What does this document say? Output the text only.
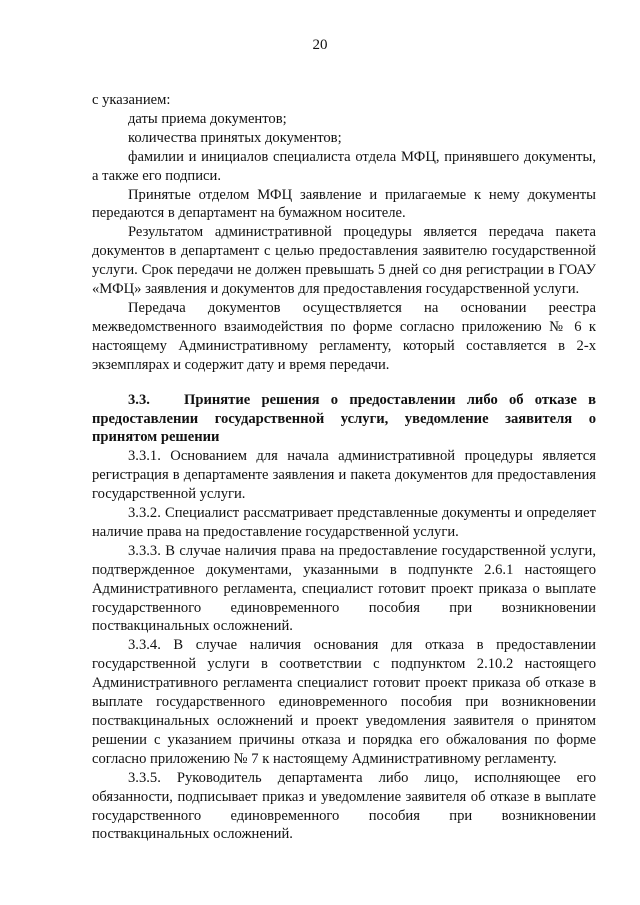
20

с указанием:

даты приема документов;

количества принятых документов;

фамилии и инициалов специалиста отдела МФЦ, принявшего документы, а также его подписи.

Принятые отделом МФЦ заявление и прилагаемые к нему документы передаются в департамент на бумажном носителе.

Результатом административной процедуры является передача пакета документов в департамент с целью предоставления заявителю государственной услуги. Срок передачи не должен превышать 5 дней со дня регистрации в ГОАУ «МФЦ» заявления и документов для предоставления государственной услуги.

Передача документов осуществляется на основании реестра межведомственного взаимодействия по форме согласно приложению № 6 к настоящему Административному регламенту, который составляется в 2-х экземплярах и содержит дату и время передачи.

3.3. Принятие решения о предоставлении либо об отказе в предоставлении государственной услуги, уведомление заявителя о принятом решении

3.3.1. Основанием для начала административной процедуры является регистрация в департаменте заявления и пакета документов для предоставления государственной услуги.

3.3.2. Специалист рассматривает представленные документы и определяет наличие права на предоставление государственной услуги.

3.3.3. В случае наличия права на предоставление государственной услуги, подтвержденное документами, указанными в подпункте 2.6.1 настоящего Административного регламента, специалист готовит проект приказа о выплате государственного единовременного пособия при возникновении поствакцинальных осложнений.

3.3.4. В случае наличия основания для отказа в предоставлении государственной услуги в соответствии с подпунктом 2.10.2 настоящего Административного регламента специалист готовит проект приказа об отказе в выплате государственного единовременного пособия при возникновении поствакцинальных осложнений и проект уведомления заявителя о принятом решении с указанием причины отказа и порядка его обжалования по форме согласно приложению № 7 к настоящему Административному регламенту.

3.3.5. Руководитель департамента либо лицо, исполняющее его обязанности, подписывает приказ и уведомление заявителя об отказе в выплате государственного единовременного пособия при возникновении поствакцинальных осложнений.
